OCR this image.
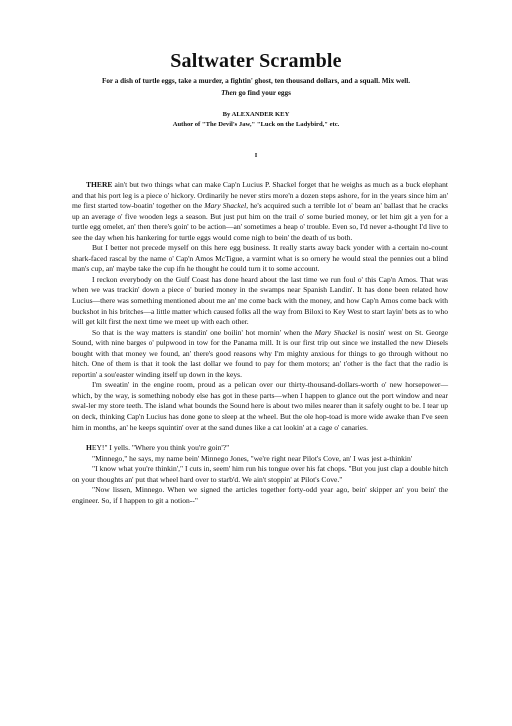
Saltwater Scramble
For a dish of turtle eggs, take a murder, a fightin' ghost, ten thousand dollars, and a squall. Mix well. Then go find your eggs
By ALEXANDER KEY
Author of "The Devil's Jaw," "Luck on the Ladybird," etc.
I

THERE ain't but two things what can make Cap'n Lucius P. Shackel forget that he weighs as much as a buck elephant and that his port leg is a piece o' hickory. Ordinarily he never stirs more'n a dozen steps ashore, for in the years since him an' me first started tow-boatin' together on the Mary Shackel, he's acquired such a terrible lot o' beam an' ballast that he cracks up an average o' five wooden legs a season. But just put him on the trail o' some buried money, or let him git a yen for a turtle egg omelet, an' then there's goin' to be action—an' sometimes a heap o' trouble. Even so, I'd never a-thought I'd live to see the day when his hankering for turtle eggs would come nigh to bein' the death of us both.

But I better not precede myself on this here egg business. It really starts away back yonder with a certain no-count shark-faced rascal by the name o' Cap'n Amos McTigue, a varmint what is so ornery he would steal the pennies out a blind man's cup, an' maybe take the cup ifn he thought he could turn it to some account.

I reckon everybody on the Gulf Coast has done heard about the last time we run foul o' this Cap'n Amos. That was when we was trackin' down a piece o' buried money in the swamps near Spanish Landin'. It has done been related how Lucius—there was something mentioned about me an' me come back with the money, and how Cap'n Amos come back with buckshot in his britches—a little matter which caused folks all the way from Biloxi to Key West to start layin' bets as to who will get kilt first the next time we meet up with each other.

So that is the way matters is standin' one boilin' hot mornin' when the Mary Shackel is nosin' west on St. George Sound, with nine barges o' pulpwood in tow for the Panama mill. It is our first trip out since we installed the new Diesels bought with that money we found, an' there's good reasons why I'm mighty anxious for things to go through without no hitch. One of them is that it took the last dollar we found to pay for them motors; an' t'other is the fact that the radio is reportin' a sou'easter winding itself up down in the keys.

I'm sweatin' in the engine room, proud as a pelican over our thirty-thousand-dollars-worth o' new horsepower—which, by the way, is something nobody else has got in these parts—when I happen to glance out the port window and near swal-ler my store teeth. The island what bounds the Sound here is about two miles nearer than it safely ought to be. I tear up on deck, thinking Cap'n Lucius has done gone to sleep at the wheel. But the ole hop-toad is more wide awake than I've seen him in months, an' he keeps squintin' over at the sand dunes like a cat lookin' at a cage o' canaries.

HEY!" I yells. "Where you think you're goin'?"

"Minnego," he says, my name bein' Minnego Jones, "we're right near Pilot's Cove, an' I was jest a-thinkin'

"I know what you're thinkin'," I cuts in, seem' him run his tongue over his fat chops. "But you just clap a double hitch on your thoughts an' put that wheel hard over to starb'd. We ain't stoppin' at Pilot's Cove."

"Now lissen, Minnego. When we signed the articles together forty-odd year ago, bein' skipper an' you bein' the engineer. So, if I happen to git a notion--"
